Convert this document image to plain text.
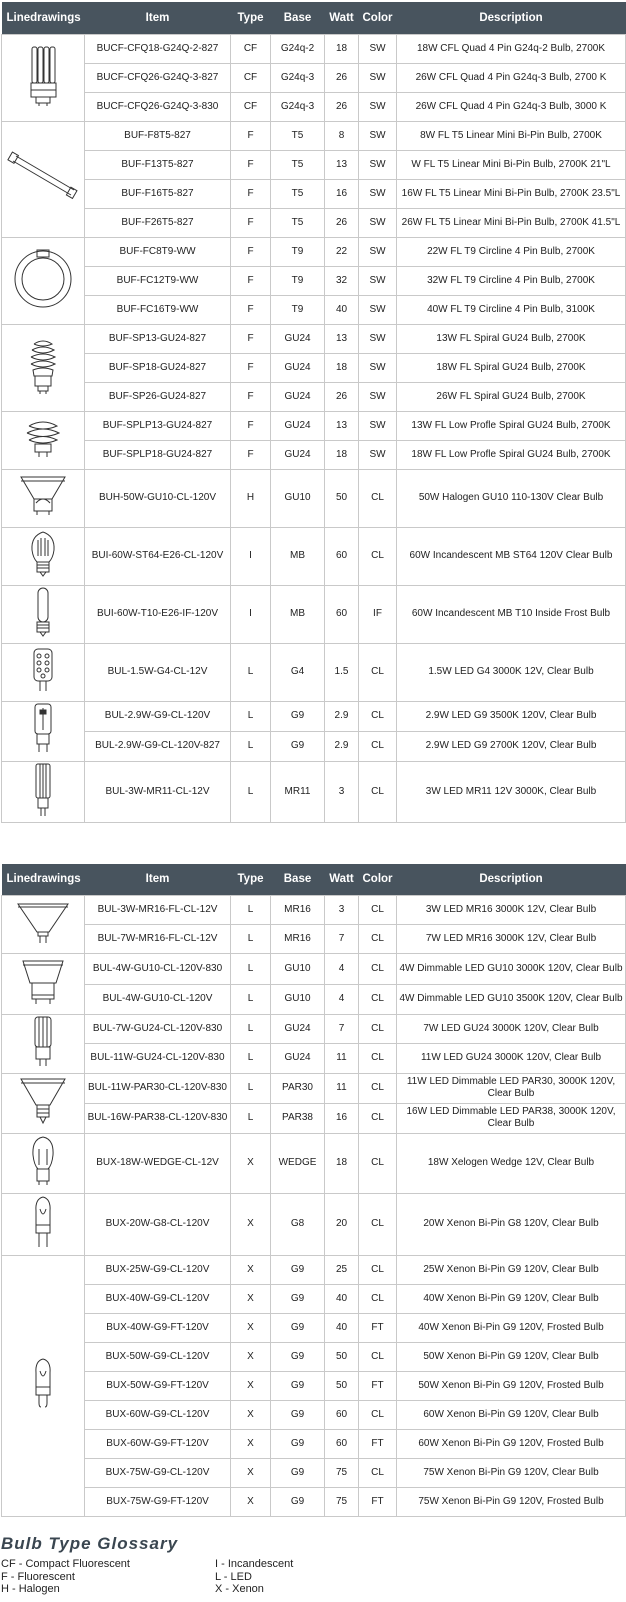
Linedrawings	Item	Type	Base	Watt	Color	Description

	BUCF-CFQ18-G24Q-2-827	CF	G24q-2	18	SW	18W CFL Quad 4 Pin G24q-2 Bulb, 2700K
	BUCF-CFQ26-G24Q-3-827	CF	G24q-3	26	SW	26W CFL Quad 4 Pin G24q-3 Bulb, 2700 K
	BUCF-CFQ26-G24Q-3-830	CF	G24q-3	26	SW	26W CFL Quad 4 Pin G24q-3 Bulb, 3000 K

	BUF-F8T5-827	F	T5	8	SW	8W FL T5 Linear Mini Bi-Pin Bulb, 2700K
	BUF-F13T5-827	F	T5	13	SW	W FL T5 Linear Mini Bi-Pin Bulb, 2700K 21"L
	BUF-F16T5-827	F	T5	16	SW	16W FL T5 Linear Mini Bi-Pin Bulb, 2700K 23.5"L
	BUF-F26T5-827	F	T5	26	SW	26W FL T5 Linear Mini Bi-Pin Bulb, 2700K 41.5"L

	BUF-FC8T9-WW	F	T9	22	SW	22W FL T9 Circline 4 Pin Bulb, 2700K
	BUF-FC12T9-WW	F	T9	32	SW	32W FL T9 Circline 4 Pin Bulb, 2700K
	BUF-FC16T9-WW	F	T9	40	SW	40W FL T9 Circline 4 Pin Bulb, 3100K

	BUF-SP13-GU24-827	F	GU24	13	SW	13W FL Spiral GU24 Bulb, 2700K
	BUF-SP18-GU24-827	F	GU24	18	SW	18W FL Spiral GU24 Bulb, 2700K
	BUF-SP26-GU24-827	F	GU24	26	SW	26W FL Spiral GU24 Bulb, 2700K

	BUF-SPLP13-GU24-827	F	GU24	13	SW	13W FL Low Profle Spiral GU24 Bulb, 2700K
	BUF-SPLP18-GU24-827	F	GU24	18	SW	18W FL Low Profle Spiral GU24 Bulb, 2700K

	BUH-50W-GU10-CL-120V	H	GU10	50	CL	50W Halogen GU10 110-130V Clear Bulb

	BUI-60W-ST64-E26-CL-120V	I	MB	60	CL	60W Incandescent MB ST64 120V Clear Bulb

	BUI-60W-T10-E26-IF-120V	I	MB	60	IF	60W Incandescent MB T10 Inside Frost Bulb

	BUL-1.5W-G4-CL-12V	L	G4	1.5	CL	1.5W LED G4 3000K 12V, Clear Bulb

	BUL-2.9W-G9-CL-120V	L	G9	2.9	CL	2.9W LED G9 3500K 120V, Clear Bulb
	BUL-2.9W-G9-CL-120V-827	L	G9	2.9	CL	2.9W LED G9 2700K 120V, Clear Bulb

	BUL-3W-MR11-CL-12V	L	MR11	3	CL	3W LED MR11 12V 3000K, Clear Bulb
Linedrawings	Item	Type	Base	Watt	Color	Description

	BUL-3W-MR16-FL-CL-12V	L	MR16	3	CL	3W LED MR16 3000K 12V, Clear Bulb
	BUL-7W-MR16-FL-CL-12V	L	MR16	7	CL	7W LED MR16 3000K 12V, Clear Bulb

	BUL-4W-GU10-CL-120V-830	L	GU10	4	CL	4W Dimmable LED GU10 3000K 120V, Clear Bulb
	BUL-4W-GU10-CL-120V	L	GU10	4	CL	4W Dimmable LED GU10 3500K 120V, Clear Bulb

	BUL-7W-GU24-CL-120V-830	L	GU24	7	CL	7W LED GU24 3000K 120V, Clear Bulb
	BUL-11W-GU24-CL-120V-830	L	GU24	11	CL	11W LED GU24 3000K 120V, Clear Bulb

	BUL-11W-PAR30-CL-120V-830	L	PAR30	11	CL	11W LED Dimmable LED PAR30, 3000K 120V, Clear Bulb
	BUL-16W-PAR38-CL-120V-830	L	PAR38	16	CL	16W LED Dimmable LED PAR38, 3000K 120V, Clear Bulb

	BUX-18W-WEDGE-CL-12V	X	WEDGE	18	CL	18W Xelogen Wedge 12V, Clear Bulb

	BUX-20W-G8-CL-120V	X	G8	20	CL	20W Xenon Bi-Pin G8 120V, Clear Bulb

	BUX-25W-G9-CL-120V	X	G9	25	CL	25W Xenon Bi-Pin G9 120V, Clear Bulb
	BUX-40W-G9-CL-120V	X	G9	40	CL	40W Xenon Bi-Pin G9 120V, Clear Bulb
	BUX-40W-G9-FT-120V	X	G9	40	FT	40W Xenon Bi-Pin G9 120V, Frosted Bulb
	BUX-50W-G9-CL-120V	X	G9	50	CL	50W Xenon Bi-Pin G9 120V, Clear Bulb
	BUX-50W-G9-FT-120V	X	G9	50	FT	50W Xenon Bi-Pin G9 120V, Frosted Bulb
	BUX-60W-G9-CL-120V	X	G9	60	CL	60W Xenon Bi-Pin G9 120V, Clear Bulb
	BUX-60W-G9-FT-120V	X	G9	60	FT	60W Xenon Bi-Pin G9 120V, Frosted Bulb
	BUX-75W-G9-CL-120V	X	G9	75	CL	75W Xenon Bi-Pin G9 120V, Clear Bulb
	BUX-75W-G9-FT-120V	X	G9	75	FT	75W Xenon Bi-Pin G9 120V, Frosted Bulb
Bulb Type Glossary
CF - Compact Fluorescent
F - Fluorescent
H - Halogen
I - Incandescent
L - LED
X - Xenon
